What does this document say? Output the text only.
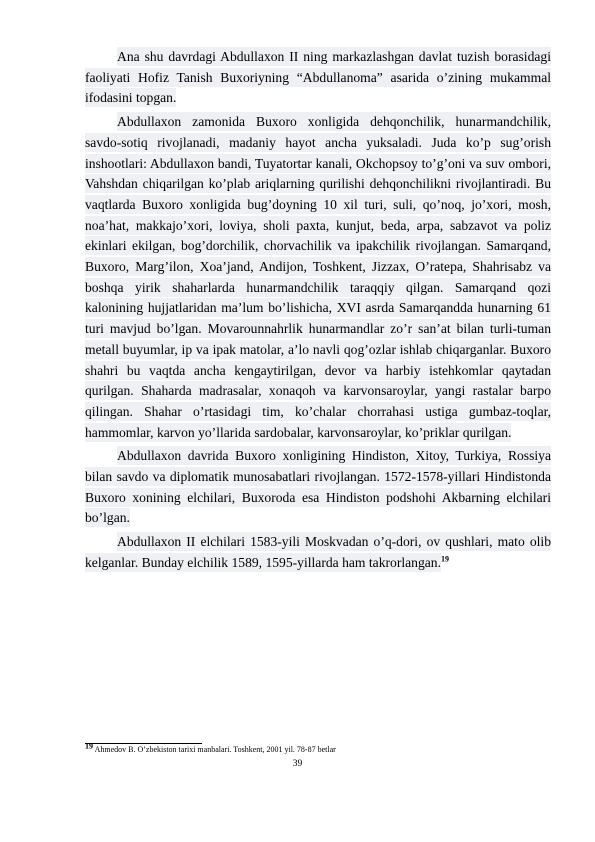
Ana shu davrdagi Abdullaxon II ning markazlashgan davlat tuzish borasidagi faoliyati Hofiz Tanish Buxoriyning “Abdullanoma” asarida o’zining mukammal ifodasini topgan.

Abdullaxon zamonida Buxoro xonligida dehqonchilik, hunarmandchilik, savdo-sotiq rivojlanadi, madaniy hayot ancha yuksaladi. Juda ko’p sug’orish inshootlari: Abdullaxon bandi, Tuyatortar kanali, Okchopsoy to’g’oni va suv ombori, Vahshdan chiqarilgan ko’plab ariqlarning qurilishi dehqonchilikni rivojlantiradi. Bu vaqtlarda Buxoro xonligida bug’doyning 10 xil turi, suli, qo’noq, jo’xori, mosh, noa’hat, makkajo’xori, loviya, sholi paxta, kunjut, beda, arpa, sabzavot va poliz ekinlari ekilgan, bog’dorchilik, chorvachilik va ipakchilik rivojlangan. Samarqand, Buxoro, Marg’ilon, Xoa’jand, Andijon, Toshkent, Jizzax, O’ratepa, Shahrisabz va boshqa yirik shaharlarda hunarmandchilik taraqqiy qilgan. Samarqand qozi kalonining hujjatlaridan ma’lum bo’lishicha, XVI asrda Samarqandda hunarning 61 turi mavjud bo’lgan. Movarounnahrlik hunarmandlar zo’r san’at bilan turli-tuman metall buyumlar, ip va ipak matolar, a’lo navli qog’ozlar ishlab chiqarganlar. Buxoro shahri bu vaqtda ancha kengaytirilgan, devor va harbiy istehkomlar qaytadan qurilgan. Shaharda madrasalar, xonaqoh va karvonsaroylar, yangi rastalar barpo qilingan. Shahar o’rtasidagi tim, ko’chalar chorrahasi ustiga gumbaz-toqlar, hammomlar, karvon yo’llarida sardobalar, karvonsaroylar, ko’priklar qurilgan.

Abdullaxon davrida Buxoro xonligining Hindiston, Xitoy, Turkiya, Rossiya bilan savdo va diplomatik munosabatlari rivojlangan. 1572-1578-yillari Hindistonda Buxoro xonining elchilari, Buxoroda esa Hindiston podshohi Akbarning elchilari bo’lgan.

Abdullaxon II elchilari 1583-yili Moskvadan o’q-dori, ov qushlari, mato olib kelganlar. Bunday elchilik 1589, 1595-yillarda ham takrorlangan.$^{19}$

$^{19}$ Ahmedov B. O’zbekiston tarixi manbalari. Toshkent, 2001 yil. 78-87 betlar
39
